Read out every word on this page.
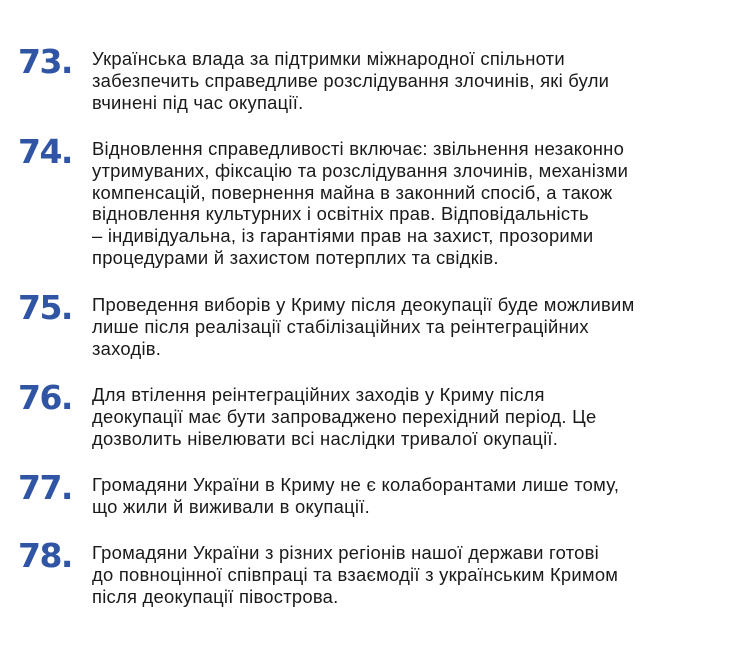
73. Українська влада за підтримки міжнародної спільноти
забезпечить справедливе розслідування злочинів, які були
вчинені під час окупації.
74. Відновлення справедливості включає: звільнення незаконно
утримуваних, фіксацію та розслідування злочинів, механізми
компенсацій, повернення майна в законний спосіб, а також
відновлення культурних і освітніх прав. Відповідальність
– індивідуальна, із гарантіями прав на захист, прозорими
процедурами й захистом потерплих та свідків.
75. Проведення виборів у Криму після деокупації буде можливим
лише після реалізації стабілізаційних та реінтеграційних
заходів.
76. Для втілення реінтеграційних заходів у Криму після
деокупації має бути запроваджено перехідний період. Це
дозволить нівелювати всі наслідки тривалої окупації.
77. Громадяни України в Криму не є колаборантами лише тому,
що жили й виживали в окупації.
78. Громадяни України з різних регіонів нашої держави готові
до повноцінної співпраці та взаємодії з українським Кримом
після деокупації півострова.
